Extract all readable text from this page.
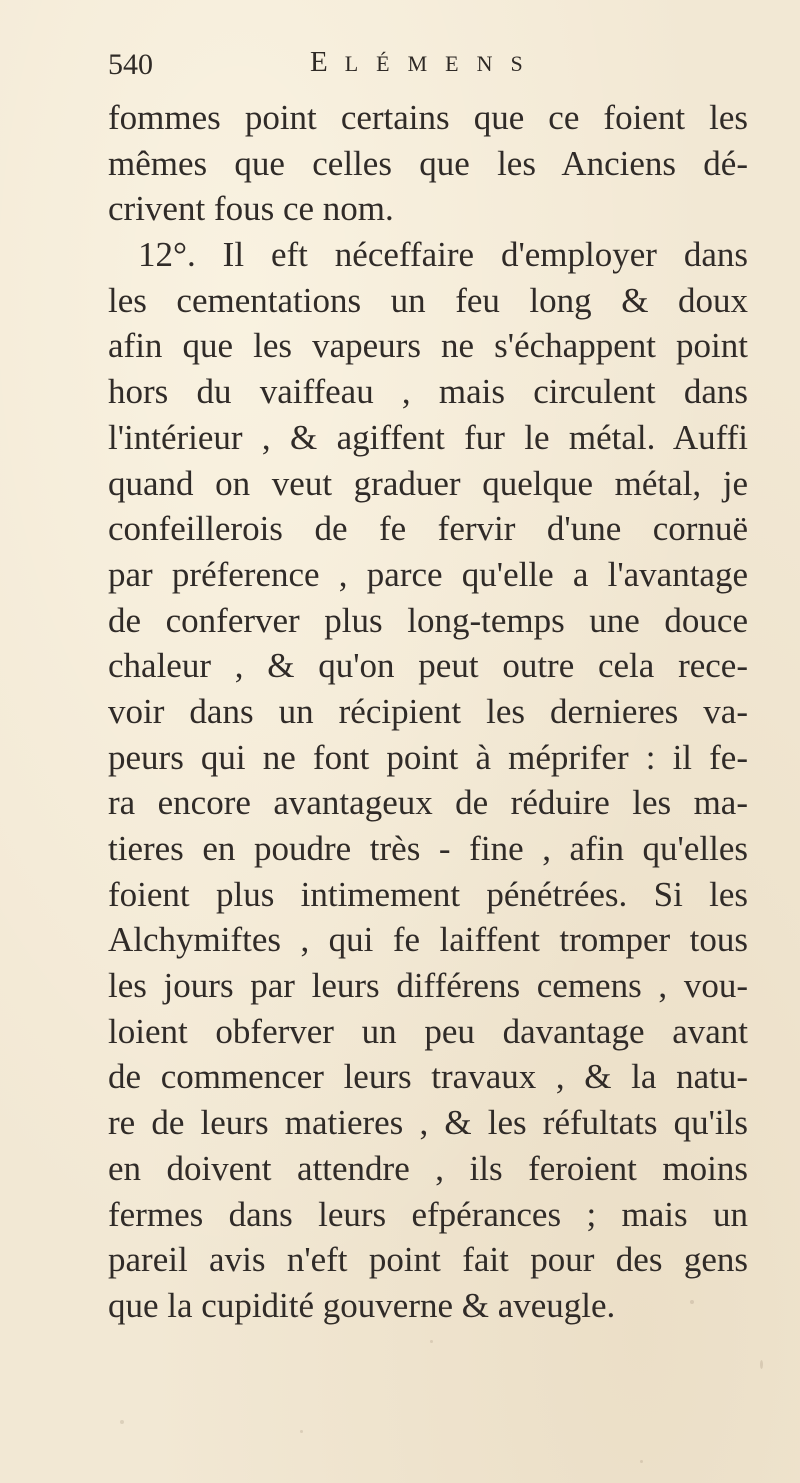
540	ELÉMENS
fommes point certains que ce foient les
mêmes que celles que les Anciens dé-
crivent fous ce nom.
12°. Il eft néceffaire d'employer dans
les cementations un feu long & doux
afin que les vapeurs ne s'échappent point
hors du vaiffeau , mais circulent dans
l'intérieur , & agiffent fur le métal. Auffi
quand on veut graduer quelque métal, je
confeillerois de fe fervir d'une cornuë
par préference , parce qu'elle a l'avantage
de conferver plus long-temps une douce
chaleur , & qu'on peut outre cela rece-
voir dans un récipient les dernieres va-
peurs qui ne font point à méprifer : il fe-
ra encore avantageux de réduire les ma-
tieres en poudre très - fine , afin qu'elles
foient plus intimement pénétrées. Si les
Alchymiftes , qui fe laiffent tromper tous
les jours par leurs différens cemens , vou-
loient obferver un peu davantage avant
de commencer leurs travaux , & la natu-
re de leurs matieres , & les réfultats qu'ils
en doivent attendre , ils feroient moins
fermes dans leurs efpérances ; mais un
pareil avis n'eft point fait pour des gens
que la cupidité gouverne & aveugle.
